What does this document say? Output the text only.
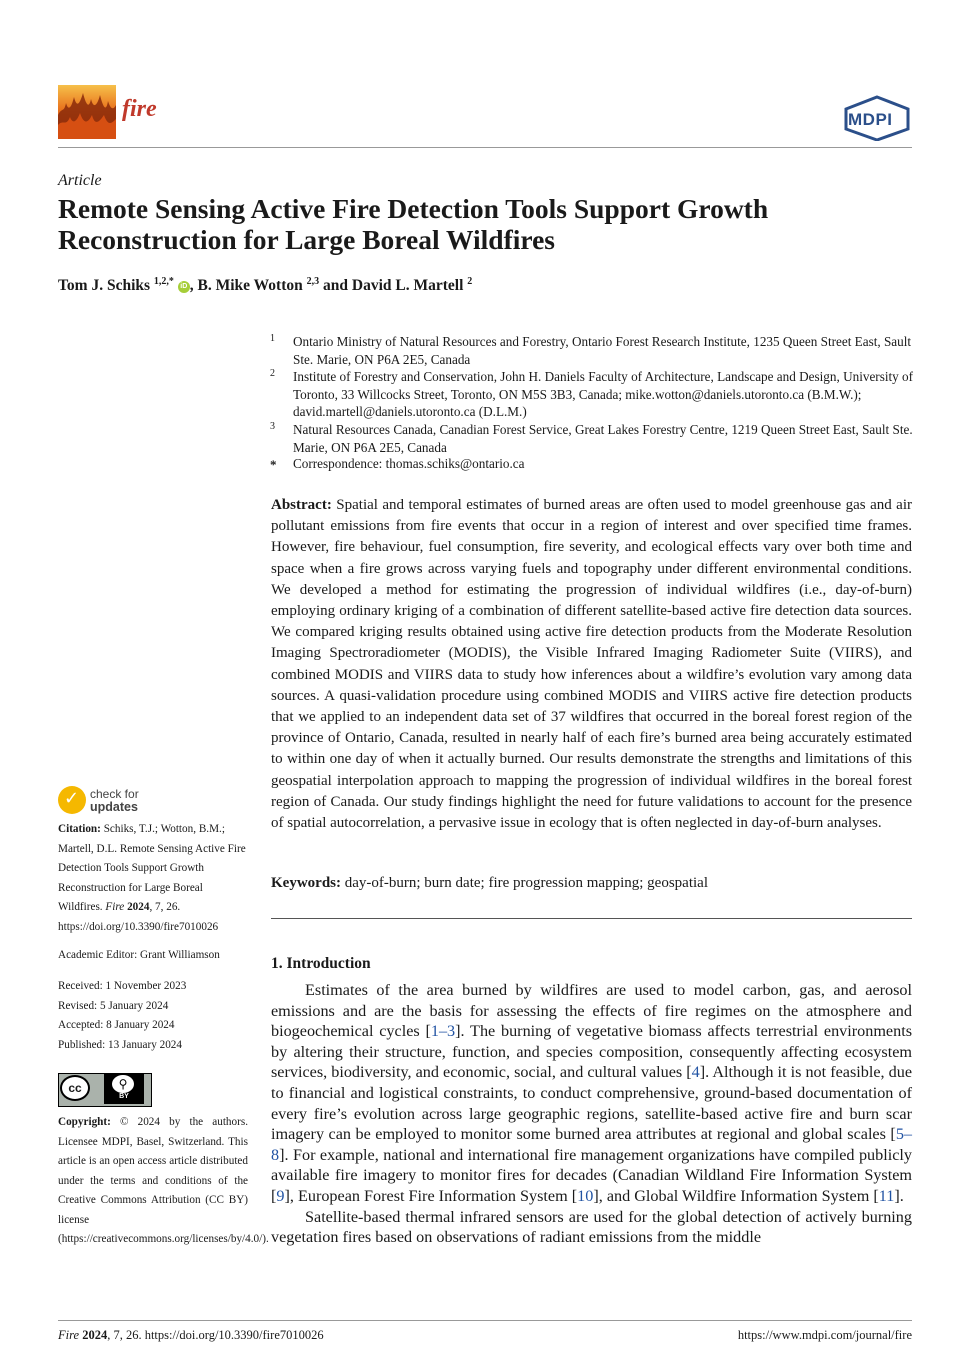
fire	MDPI
Article
Remote Sensing Active Fire Detection Tools Support Growth Reconstruction for Large Boreal Wildfires
Tom J. Schiks $^{1,2,*}$ iD , B. Mike Wotton $^{2,3}$ and David L. Martell $^2$
1 Ontario Ministry of Natural Resources and Forestry, Ontario Forest Research Institute, 1235 Queen Street East, Sault Ste. Marie, ON P6A 2E5, Canada
2 Institute of Forestry and Conservation, John H. Daniels Faculty of Architecture, Landscape and Design, University of Toronto, 33 Willcocks Street, Toronto, ON M5S 3B3, Canada; mike.wotton@daniels.utoronto.ca (B.M.W.); david.martell@daniels.utoronto.ca (D.L.M.)
3 Natural Resources Canada, Canadian Forest Service, Great Lakes Forestry Centre, 1219 Queen Street East, Sault Ste. Marie, ON P6A 2E5, Canada
* Correspondence: thomas.schiks@ontario.ca
Abstract: Spatial and temporal estimates of burned areas are often used to model greenhouse gas and air pollutant emissions from fire events that occur in a region of interest and over specified time frames. However, fire behaviour, fuel consumption, fire severity, and ecological effects vary over both time and space when a fire grows across varying fuels and topography under different environmental conditions. We developed a method for estimating the progression of individual wildfires (i.e., day-of-burn) employing ordinary kriging of a combination of different satellite-based active fire detection data sources. We compared kriging results obtained using active fire detection products from the Moderate Resolution Imaging Spectroradiometer (MODIS), the Visible Infrared Imaging Radiometer Suite (VIIRS), and combined MODIS and VIIRS data to study how inferences about a wildfire’s evolution vary among data sources. A quasi-validation procedure using combined MODIS and VIIRS active fire detection products that we applied to an independent data set of 37 wildfires that occurred in the boreal forest region of the province of Ontario, Canada, resulted in nearly half of each fire’s burned area being accurately estimated to within one day of when it actually burned. Our results demonstrate the strengths and limitations of this geospatial interpolation approach to mapping the progression of individual wildfires in the boreal forest region of Canada. Our study findings highlight the need for future validations to account for the presence of spatial autocorrelation, a pervasive issue in ecology that is often neglected in day-of-burn analyses.
Keywords: day-of-burn; burn date; fire progression mapping; geospatial
1. Introduction
Estimates of the area burned by wildfires are used to model carbon, gas, and aerosol emissions and are the basis for assessing the effects of fire regimes on the atmosphere and biogeochemical cycles [1–3]. The burning of vegetative biomass affects terrestrial environments by altering their structure, function, and species composition, consequently affecting ecosystem services, biodiversity, and economic, social, and cultural values [4]. Although it is not feasible, due to financial and logistical constraints, to conduct comprehensive, ground-based documentation of every fire’s evolution across large geographic regions, satellite-based active fire and burn scar imagery can be employed to monitor some burned area attributes at regional and global scales [5–8]. For example, national and international fire management organizations have compiled publicly available fire imagery to monitor fires for decades (Canadian Wildland Fire Information System [9], European Forest Fire Information System [10], and Global Wildfire Information System [11].
Satellite-based thermal infrared sensors are used for the global detection of actively burning vegetation fires based on observations of radiant emissions from the middle
✓ check for
updates
Citation: Schiks, T.J.; Wotton, B.M.; Martell, D.L. Remote Sensing Active Fire Detection Tools Support Growth Reconstruction for Large Boreal Wildfires. Fire 2024, 7, 26. https://doi.org/10.3390/fire7010026
Academic Editor: Grant Williamson
Received: 1 November 2023
Revised: 5 January 2024
Accepted: 8 January 2024
Published: 13 January 2024
cc	⚲
BY
Copyright: © 2024 by the authors. Licensee MDPI, Basel, Switzerland. This article is an open access article distributed under the terms and conditions of the Creative Commons Attribution (CC BY) license (https://creativecommons.org/licenses/by/4.0/).
Fire 2024, 7, 26. https://doi.org/10.3390/fire7010026	https://www.mdpi.com/journal/fire
